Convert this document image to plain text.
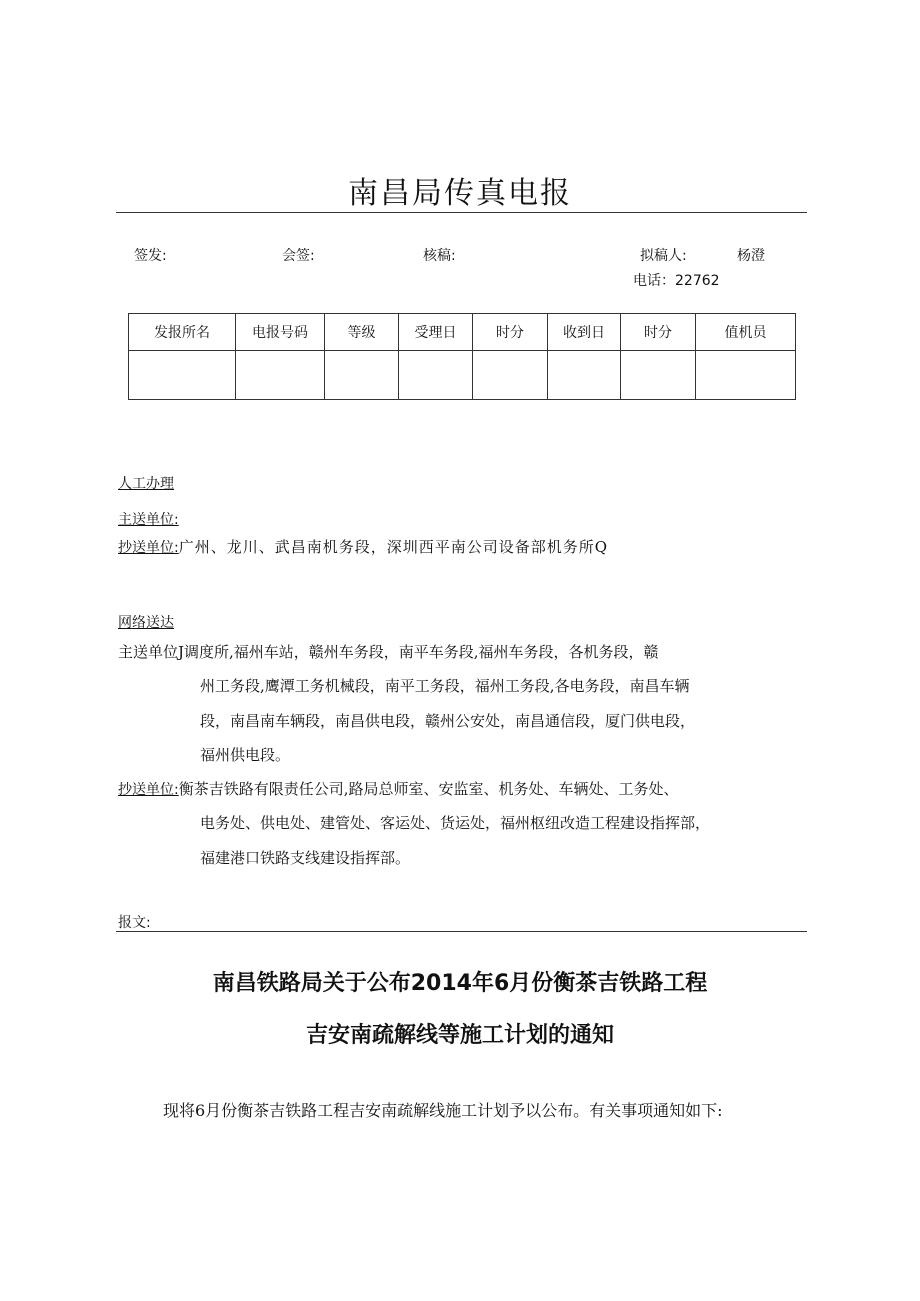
南昌局传真电报
签发:	会签:	核稿:	拟稿人:	杨澄
电话：22762
发报所名	电报号码	等级	受理日	时分	收到日	时分	值机员

人工办理
主送单位:
抄送单位:广州、龙川、武昌南机务段，深圳西平南公司设备部机务所Q
网络送达
主送单位J调度所,福州车站，赣州车务段，南平车务段,福州车务段，各机务段，赣
州工务段,鹰潭工务机械段，南平工务段，福州工务段,各电务段，南昌车辆
段，南昌南车辆段，南昌供电段，赣州公安处，南昌通信段，厦门供电段，
福州供电段。
抄送单位:衡茶吉铁路有限责任公司,路局总师室、安监室、机务处、车辆处、工务处、
电务处、供电处、建管处、客运处、货运处，福州枢纽改造工程建设指挥部，
福建港口铁路支线建设指挥部。
报文:
南昌铁路局关于公布2014年6月份衡茶吉铁路工程
吉安南疏解线等施工计划的通知
现将6月份衡茶吉铁路工程吉安南疏解线施工计划予以公布。有关事项通知如下:
